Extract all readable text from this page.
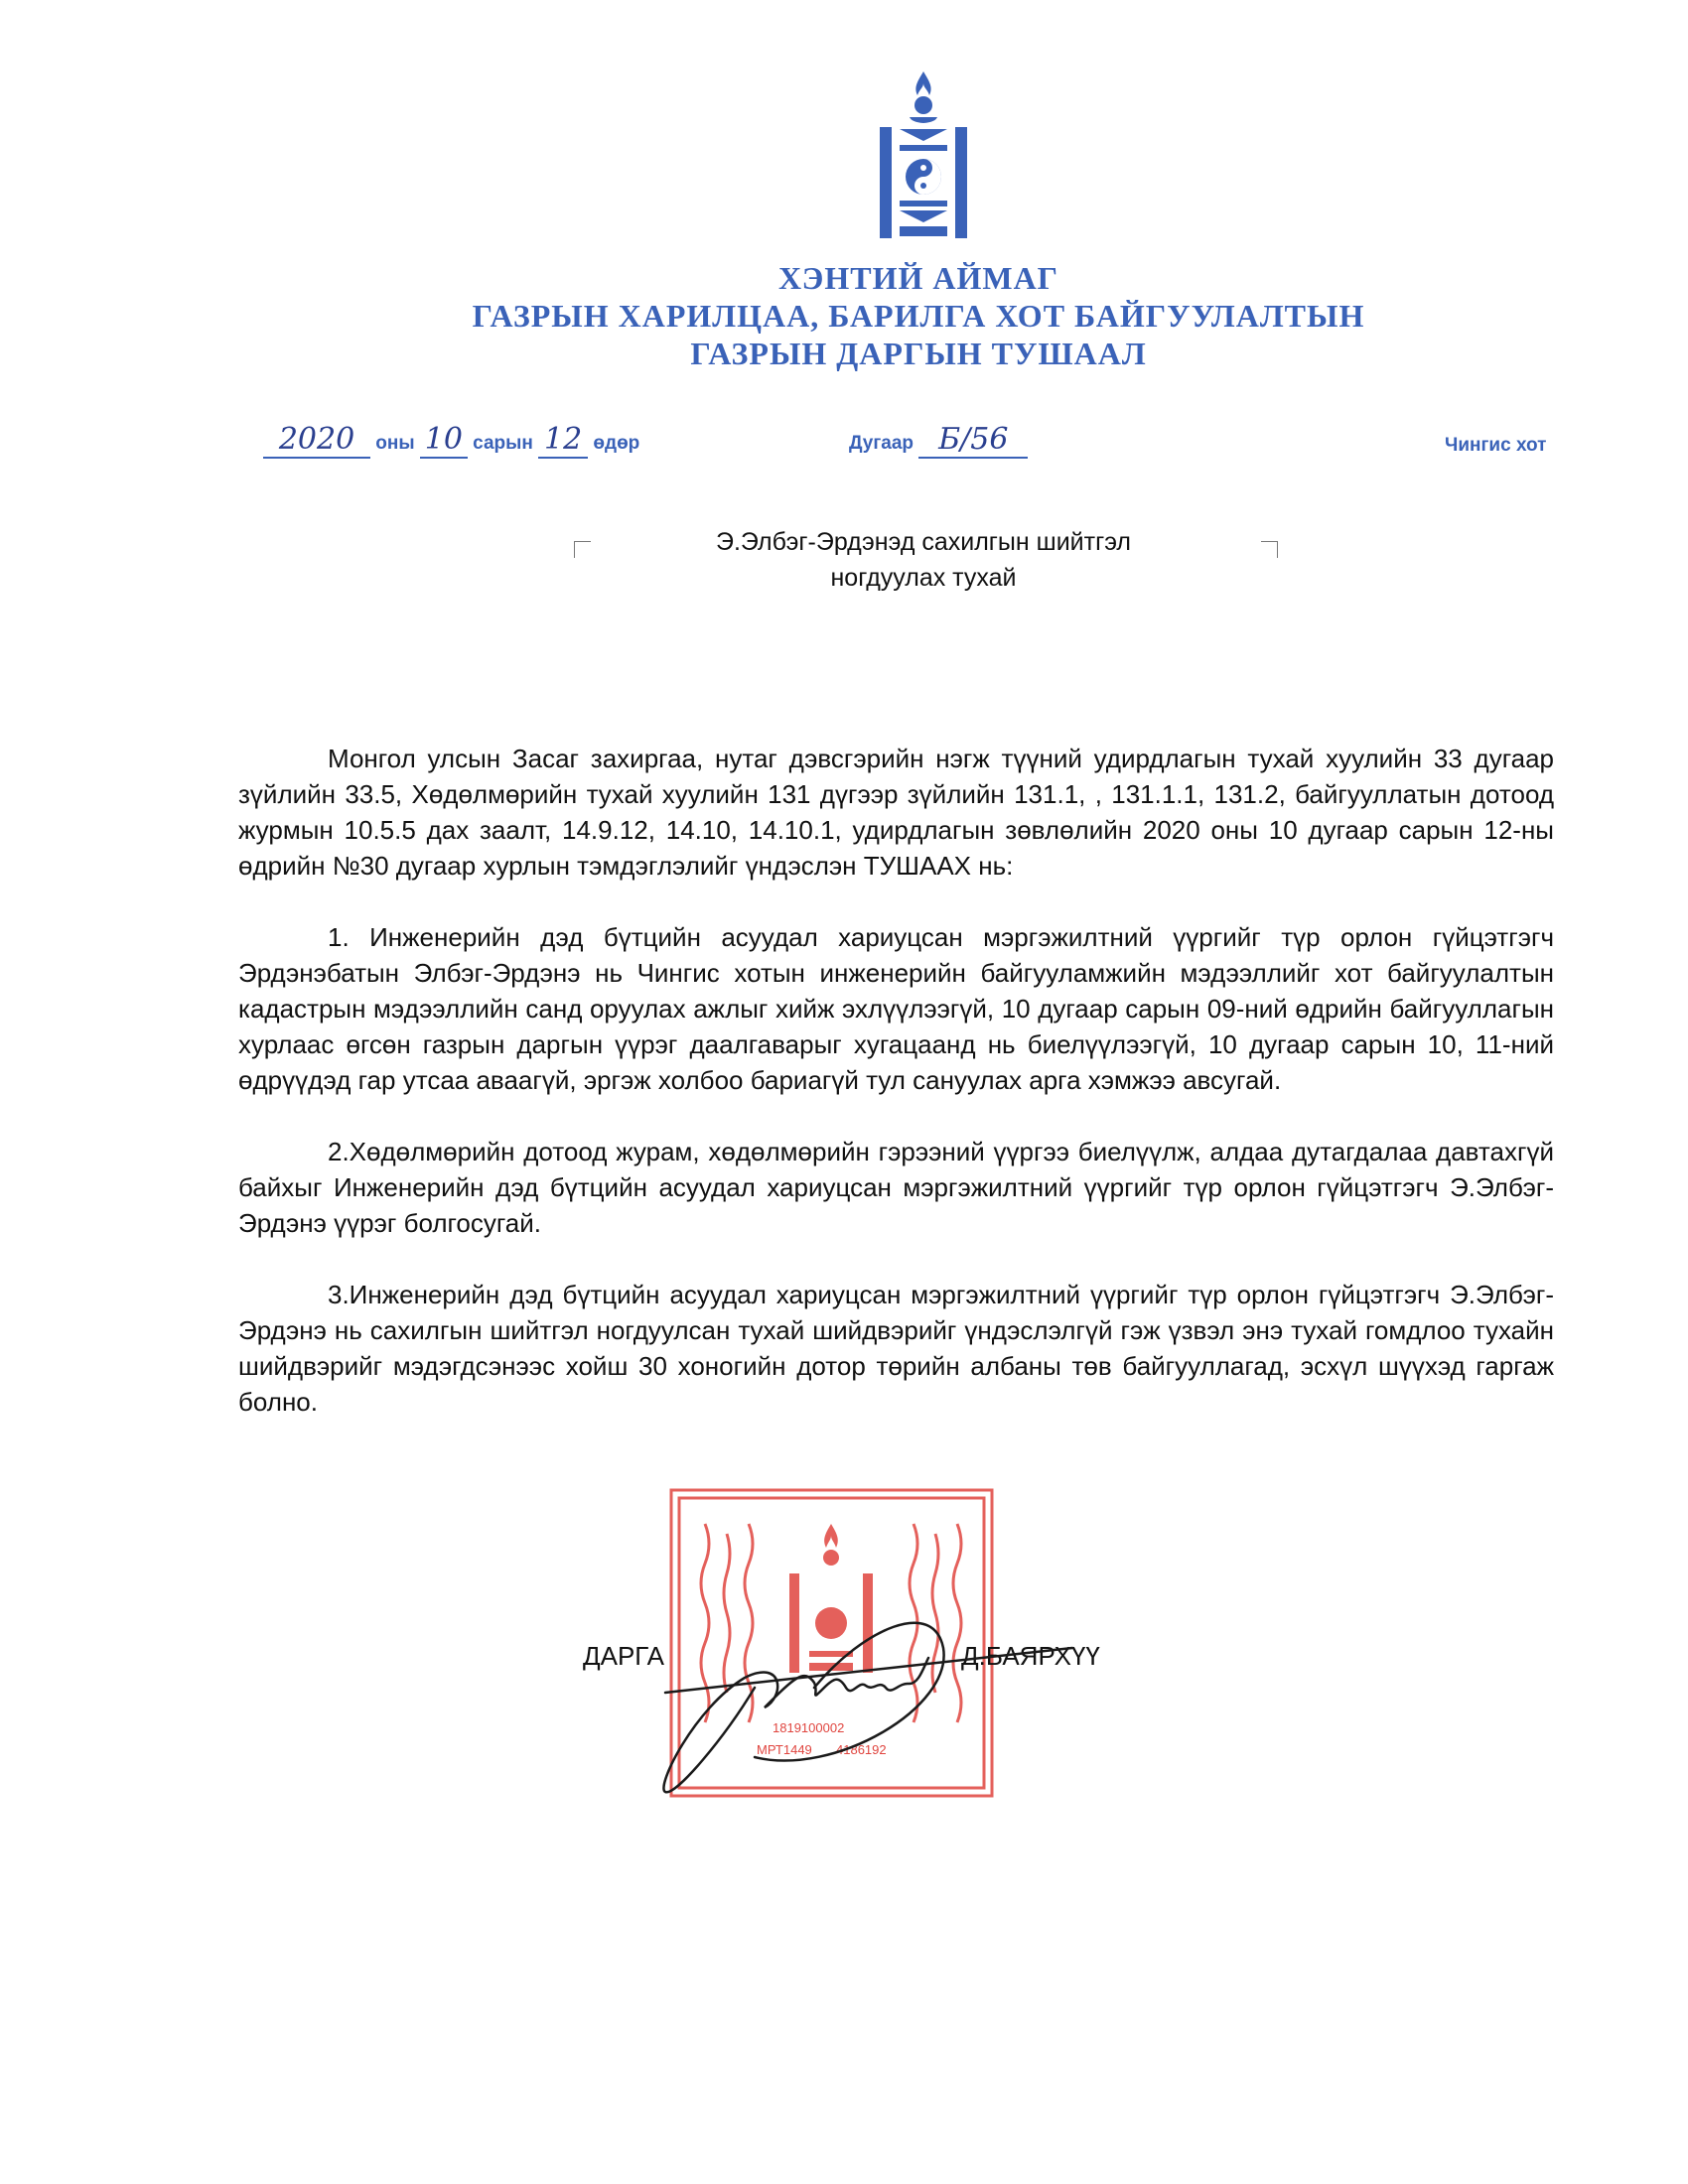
ХЭНТИЙ АЙМАГ
ГАЗРЫН ХАРИЛЦАА, БАРИЛГА ХОТ БАЙГУУЛАЛТЫН
ГАЗРЫН ДАРГЫН ТУШААЛ
2020 оны 10 сарын 12 өдөр	Дугаар Б/56	Чингис хот
Э.Элбэг-Эрдэнэд сахилгын шийтгэл
ногдуулах тухай

Монгол улсын Засаг захиргаа, нутаг дэвсгэрийн нэгж түүний удирдлагын тухай хуулийн 33 дугаар зүйлийн 33.5, Хөдөлмөрийн тухай хуулийн 131 дүгээр зүйлийн 131.1, , 131.1.1, 131.2, байгууллатын дотоод журмын 10.5.5 дах заалт, 14.9.12, 14.10, 14.10.1, удирдлагын зөвлөлийн 2020 оны 10 дугаар сарын 12-ны өдрийн №30 дугаар хурлын тэмдэглэлийг үндэслэн ТУШААХ нь:

1. Инженерийн дэд бүтцийн асуудал хариуцсан мэргэжилтний үүргийг түр орлон гүйцэтгэгч Эрдэнэбатын Элбэг-Эрдэнэ нь Чингис хотын инженерийн байгууламжийн мэдээллийг хот байгуулалтын кадастрын мэдээллийн санд оруулах ажлыг хийж эхлүүлээгүй, 10 дугаар сарын 09-ний өдрийн байгууллагын хурлаас өгсөн газрын даргын үүрэг даалгаварыг хугацаанд нь биелүүлээгүй, 10 дугаар сарын 10, 11-ний өдрүүдэд гар утсаа аваагүй, эргэж холбоо бариагүй тул сануулах арга хэмжээ авсугай.

2.Хөдөлмөрийн дотоод журам, хөдөлмөрийн гэрээний үүргээ биелүүлж, алдаа дутагдалаа давтахгүй байхыг Инженерийн дэд бүтцийн асуудал хариуцсан мэргэжилтний үүргийг түр орлон гүйцэтгэгч Э.Элбэг-Эрдэнэ үүрэг болгосугай.

3.Инженерийн дэд бүтцийн асуудал хариуцсан мэргэжилтний үүргийг түр орлон гүйцэтгэгч Э.Элбэг-Эрдэнэ нь сахилгын шийтгэл ногдуулсан тухай шийдвэрийг үндэслэлгүй гэж үзвэл энэ тухай гомдлоо тухайн шийдвэрийг мэдэгдсэнээс хойш 30 хоногийн дотор төрийн албаны төв байгууллагад, эсхүл шүүхэд гаргаж болно.

1819100002
МРТ1449 4186192
ДАРГА	Д.БАЯРХҮҮ
